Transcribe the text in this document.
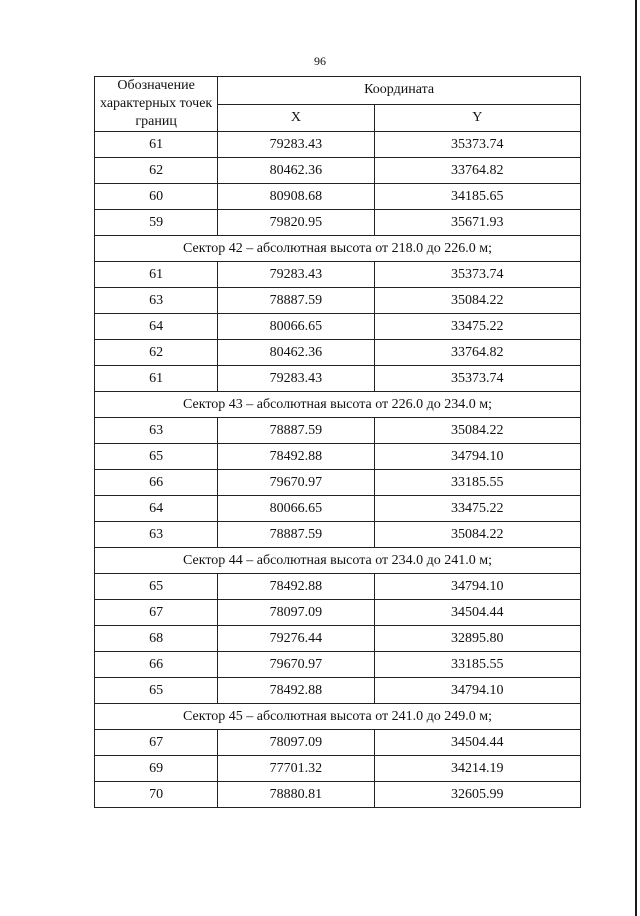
96
Обозначение характерных точек границ	Координата	
	X	Y
61	79283.43	35373.74
62	80462.36	33764.82
60	80908.68	34185.65
59	79820.95	35671.93
Сектор 42 – абсолютная высота от 218.0 до 226.0 м;		
61	79283.43	35373.74
63	78887.59	35084.22
64	80066.65	33475.22
62	80462.36	33764.82
61	79283.43	35373.74
Сектор 43 – абсолютная высота от 226.0 до 234.0 м;		
63	78887.59	35084.22
65	78492.88	34794.10
66	79670.97	33185.55
64	80066.65	33475.22
63	78887.59	35084.22
Сектор 44 – абсолютная высота от 234.0 до 241.0 м;		
65	78492.88	34794.10
67	78097.09	34504.44
68	79276.44	32895.80
66	79670.97	33185.55
65	78492.88	34794.10
Сектор 45 – абсолютная высота от 241.0 до 249.0 м;		
67	78097.09	34504.44
69	77701.32	34214.19
70	78880.81	32605.99
